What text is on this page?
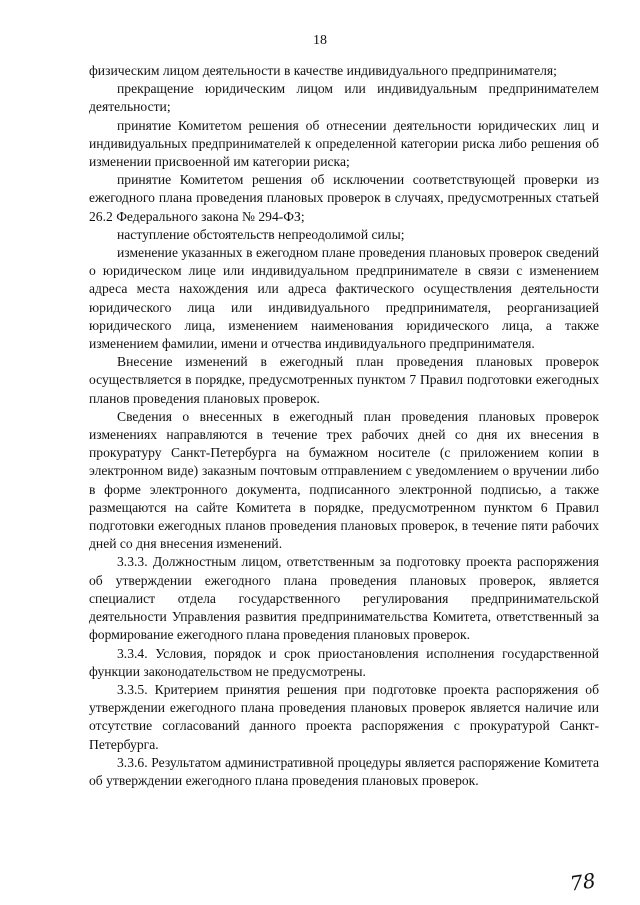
18

физическим лицом деятельности в качестве индивидуального предпринимателя;

прекращение юридическим лицом или индивидуальным предпринимателем деятельности;

принятие Комитетом решения об отнесении деятельности юридических лиц и индивидуальных предпринимателей к определенной категории риска либо решения об изменении присвоенной им категории риска;

принятие Комитетом решения об исключении соответствующей проверки из ежегодного плана проведения плановых проверок в случаях, предусмотренных статьей 26.2 Федерального закона № 294-ФЗ;

наступление обстоятельств непреодолимой силы;

изменение указанных в ежегодном плане проведения плановых проверок сведений о юридическом лице или индивидуальном предпринимателе в связи с изменением адреса места нахождения или адреса фактического осуществления деятельности юридического лица или индивидуального предпринимателя, реорганизацией юридического лица, изменением наименования юридического лица, а также изменением фамилии, имени и отчества индивидуального предпринимателя.

Внесение изменений в ежегодный план проведения плановых проверок осуществляется в порядке, предусмотренных пунктом 7 Правил подготовки ежегодных планов проведения плановых проверок.

Сведения о внесенных в ежегодный план проведения плановых проверок изменениях направляются в течение трех рабочих дней со дня их внесения в прокуратуру Санкт-Петербурга на бумажном носителе (с приложением копии в электронном виде) заказным почтовым отправлением с уведомлением о вручении либо в форме электронного документа, подписанного электронной подписью, а также размещаются на сайте Комитета в порядке, предусмотренном пунктом 6 Правил подготовки ежегодных планов проведения плановых проверок, в течение пяти рабочих дней со дня внесения изменений.

3.3.3. Должностным лицом, ответственным за подготовку проекта распоряжения об утверждении ежегодного плана проведения плановых проверок, является специалист отдела государственного регулирования предпринимательской деятельности Управления развития предпринимательства Комитета, ответственный за формирование ежегодного плана проведения плановых проверок.

3.3.4. Условия, порядок и срок приостановления исполнения государственной функции законодательством не предусмотрены.

3.3.5. Критерием принятия решения при подготовке проекта распоряжения об утверждении ежегодного плана проведения плановых проверок является наличие или отсутствие согласований данного проекта распоряжения с прокуратурой Санкт-Петербурга.

3.3.6. Результатом административной процедуры является распоряжение Комитета об утверждении ежегодного плана проведения плановых проверок.

78
